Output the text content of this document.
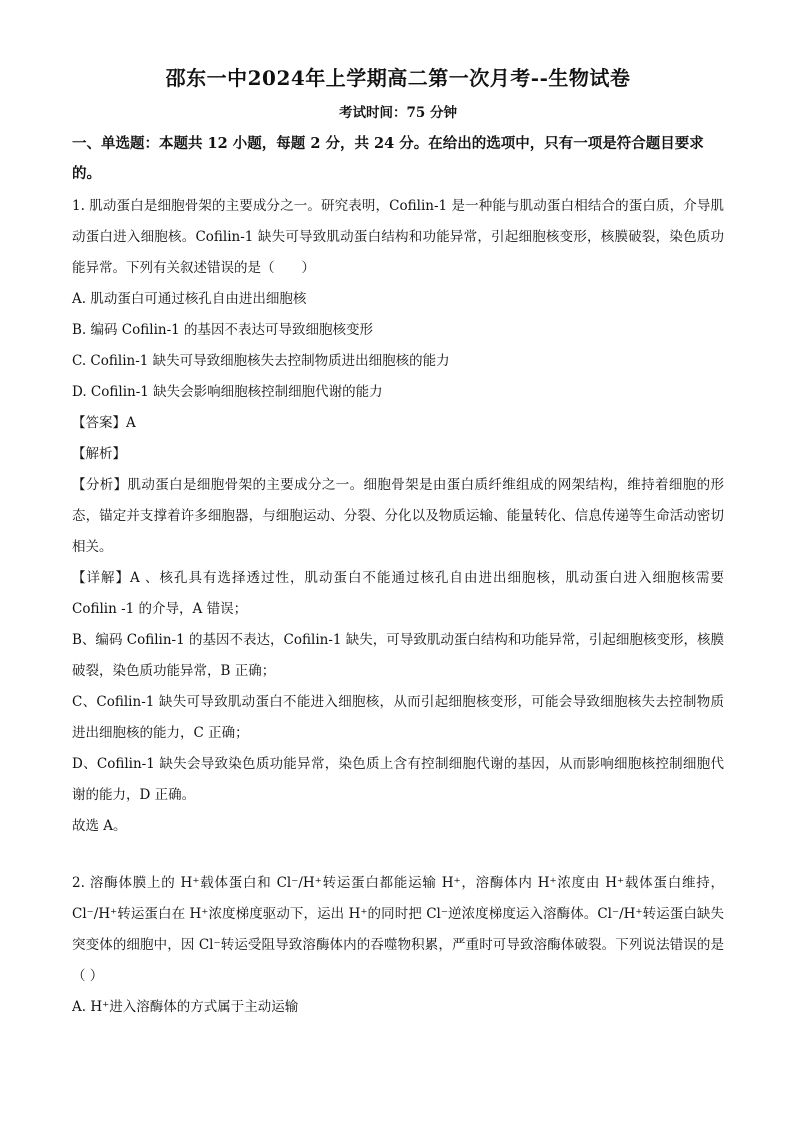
邵东一中2024年上学期高二第一次月考--生物试卷
考试时间：75 分钟
一、单选题：本题共 12 小题，每题 2 分，共 24 分。在给出的选项中，只有一项是符合题目要求的。

1. 肌动蛋白是细胞骨架的主要成分之一。研究表明，Cofilin-1 是一种能与肌动蛋白相结合的蛋白质，介导肌动蛋白进入细胞核。Cofilin-1 缺失可导致肌动蛋白结构和功能异常，引起细胞核变形，核膜破裂，染色质功能异常。下列有关叙述错误的是（　　）

A. 肌动蛋白可通过核孔自由进出细胞核

B. 编码 Cofilin-1 的基因不表达可导致细胞核变形

C. Cofilin-1 缺失可导致细胞核失去控制物质进出细胞核的能力

D. Cofilin-1 缺失会影响细胞核控制细胞代谢的能力

【答案】A

【解析】

【分析】肌动蛋白是细胞骨架的主要成分之一。细胞骨架是由蛋白质纤维组成的网架结构，维持着细胞的形态，锚定并支撑着许多细胞器，与细胞运动、分裂、分化以及物质运输、能量转化、信息传递等生命活动密切相关。

【详解】A 、核孔具有选择透过性，肌动蛋白不能通过核孔自由进出细胞核，肌动蛋白进入细胞核需要 Cofilin -1 的介导，A 错误；

B、编码 Cofilin-1 的基因不表达，Cofilin-1 缺失，可导致肌动蛋白结构和功能异常，引起细胞核变形，核膜破裂，染色质功能异常，B 正确；

C、Cofilin-1 缺失可导致肌动蛋白不能进入细胞核，从而引起细胞核变形，可能会导致细胞核失去控制物质进出细胞核的能力，C 正确；

D、Cofilin-1 缺失会导致染色质功能异常，染色质上含有控制细胞代谢的基因，从而影响细胞核控制细胞代谢的能力，D 正确。

故选 A。

2. 溶酶体膜上的 H⁺载体蛋白和 Cl⁻/H⁺转运蛋白都能运输 H⁺，溶酶体内 H⁺浓度由 H⁺载体蛋白维持，Cl⁻/H⁺转运蛋白在 H⁺浓度梯度驱动下，运出 H⁺的同时把 Cl⁻逆浓度梯度运入溶酶体。Cl⁻/H⁺转运蛋白缺失突变体的细胞中，因 Cl⁻转运受阻导致溶酶体内的吞噬物积累，严重时可导致溶酶体破裂。下列说法错误的是（ ）

A. H⁺进入溶酶体的方式属于主动运输
